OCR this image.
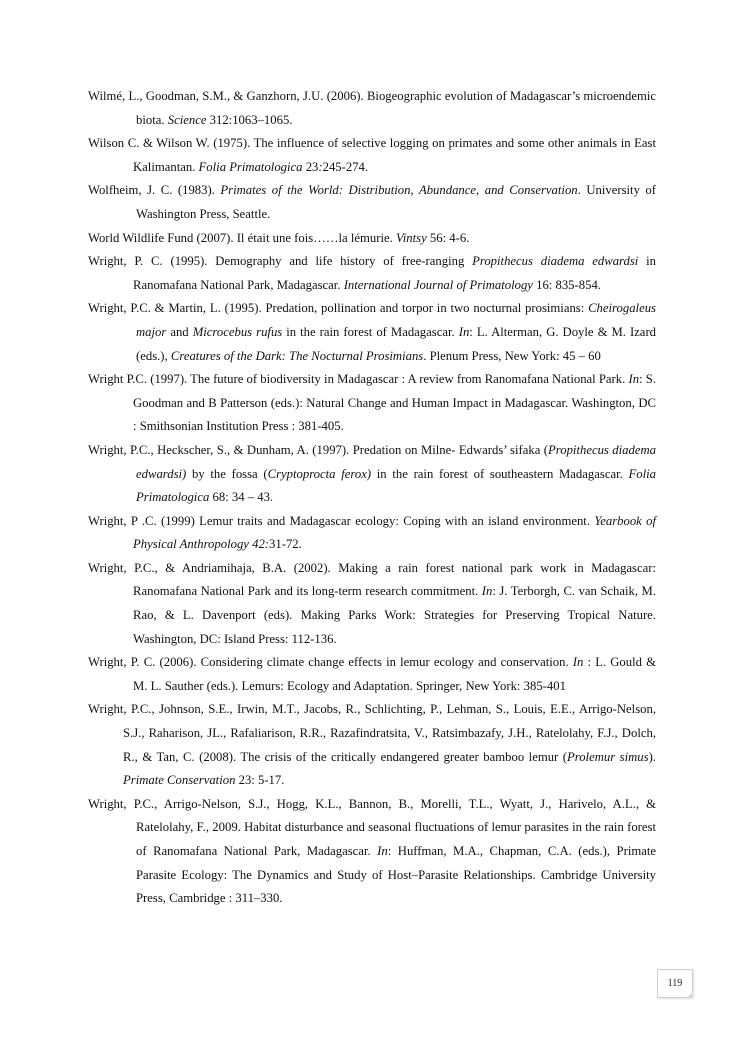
Wilmé, L., Goodman, S.M., & Ganzhorn, J.U. (2006). Biogeographic evolution of Madagascar’s microendemic biota. Science 312:1063–1065.

Wilson C. & Wilson W. (1975). The influence of selective logging on primates and some other animals in East Kalimantan. Folia Primatologica 23:245-274.

Wolfheim, J. C. (1983). Primates of the World: Distribution, Abundance, and Conservation. University of Washington Press, Seattle.

World Wildlife Fund (2007). Il était une fois……la lémurie. Vintsy 56: 4-6.

Wright, P. C. (1995). Demography and life history of free-ranging Propithecus diadema edwardsi in Ranomafana National Park, Madagascar. International Journal of Primatology 16: 835-854.

Wright, P.C. & Martin, L. (1995). Predation, pollination and torpor in two nocturnal prosimians: Cheirogaleus major and Microcebus rufus in the rain forest of Madagascar. In: L. Alterman, G. Doyle & M. Izard (eds.), Creatures of the Dark: The Nocturnal Prosimians. Plenum Press, New York: 45 – 60

Wright P.C. (1997). The future of biodiversity in Madagascar : A review from Ranomafana National Park. In: S. Goodman and B Patterson (eds.): Natural Change and Human Impact in Madagascar. Washington, DC : Smithsonian Institution Press : 381-405.

Wright, P.C., Heckscher, S., & Dunham, A. (1997). Predation on Milne- Edwards’ sifaka (Propithecus diadema edwardsi) by the fossa (Cryptoprocta ferox) in the rain forest of southeastern Madagascar. Folia Primatologica 68: 34 – 43.

Wright, P .C. (1999) Lemur traits and Madagascar ecology: Coping with an island environment. Yearbook of Physical Anthropology 42:31-72.

Wright, P.C., & Andriamihaja, B.A. (2002). Making a rain forest national park work in Madagascar: Ranomafana National Park and its long-term research commitment. In: J. Terborgh, C. van Schaik, M. Rao, & L. Davenport (eds). Making Parks Work: Strategies for Preserving Tropical Nature. Washington, DC: Island Press: 112-136.

Wright, P. C. (2006). Considering climate change effects in lemur ecology and conservation. In : L. Gould & M. L. Sauther (eds.). Lemurs: Ecology and Adaptation. Springer, New York: 385-401

Wright, P.C., Johnson, S.E., Irwin, M.T., Jacobs, R., Schlichting, P., Lehman, S., Louis, E.E., Arrigo-Nelson, S.J., Raharison, JL., Rafaliarison, R.R., Razafindratsita, V., Ratsimbazafy, J.H., Ratelolahy, F.J., Dolch, R., & Tan, C. (2008). The crisis of the critically endangered greater bamboo lemur (Prolemur simus). Primate Conservation 23: 5-17.

Wright, P.C., Arrigo-Nelson, S.J., Hogg, K.L., Bannon, B., Morelli, T.L., Wyatt, J., Harivelo, A.L., & Ratelolahy, F., 2009. Habitat disturbance and seasonal fluctuations of lemur parasites in the rain forest of Ranomafana National Park, Madagascar. In: Huffman, M.A., Chapman, C.A. (eds.), Primate Parasite Ecology: The Dynamics and Study of Host–Parasite Relationships. Cambridge University Press, Cambridge : 311–330.

119
